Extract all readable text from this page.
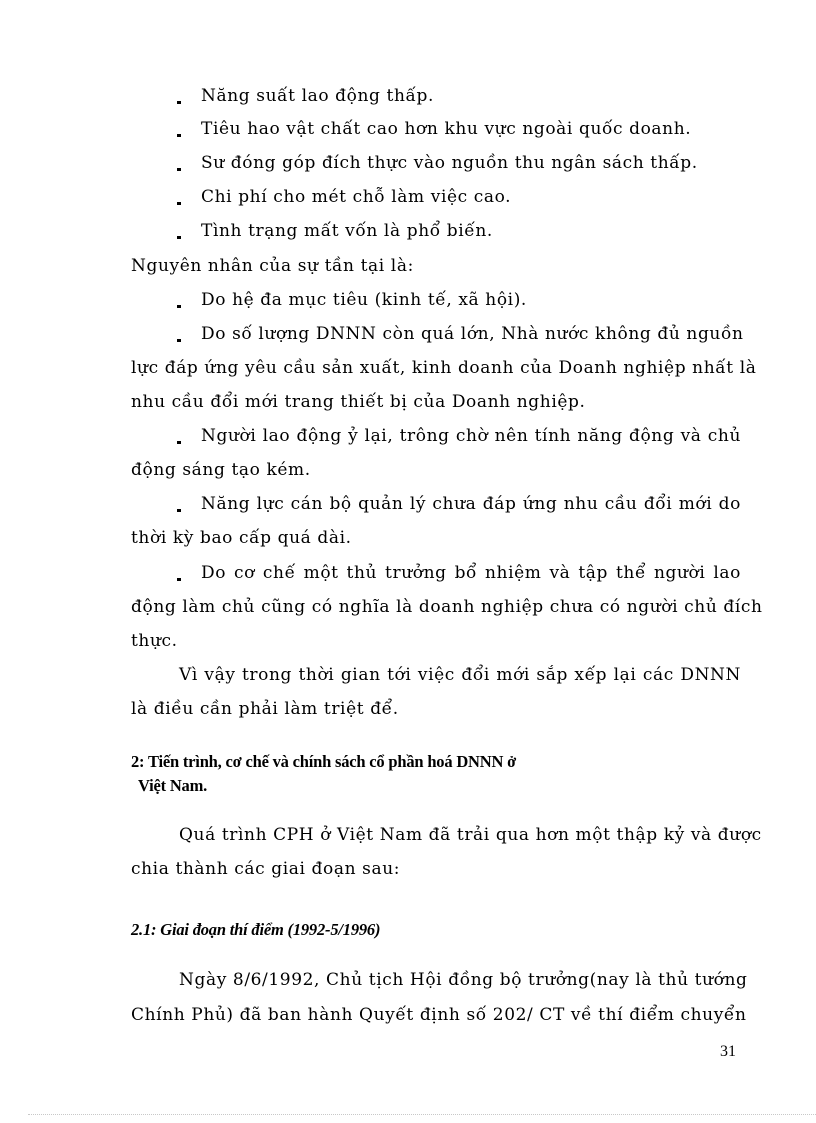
Năng suất lao động thấp.
Tiêu hao vật chất cao hơn khu vực ngoài quốc doanh.
Sư đóng góp đích thực vào nguồn thu ngân sách thấp.
Chi phí cho mét chỗ làm việc cao.
Tình trạng mất vốn là phổ biến.
Nguyên nhân của sự tần tại là:
Do hệ đa mục tiêu (kinh tế, xã hội).
Do số lượng DNNN còn quá lớn, Nhà nước không đủ nguồn
lực đáp ứng yêu cầu sản xuất, kinh doanh của Doanh nghiệp nhất là
nhu cầu đổi mới trang thiết bị của Doanh nghiệp.
Người lao động ỷ lại, trông chờ nên tính năng động và chủ
động sáng tạo kém.
Năng lực cán bộ quản lý chưa đáp ứng nhu cầu đổi mới do
thời kỳ bao cấp quá dài.
Do cơ chế một thủ trưởng bổ nhiệm và tập thể người lao
động làm chủ cũng có nghĩa là doanh nghiệp chưa có người chủ đích
thực.
Vì vậy trong thời gian tới việc đổi mới sắp xếp lại các DNNN
là điều cần phải làm triệt để.
2: Tiến trình, cơ chế và chính sách cổ phần hoá DNNN ở
Việt Nam.
Quá trình CPH ở Việt Nam đã trải qua hơn một thập kỷ và được
chia thành các giai đoạn sau:
2.1: Giai đoạn thí điểm (1992-5/1996)
Ngày 8/6/1992, Chủ tịch Hội đồng bộ trưởng(nay là thủ tướng
Chính Phủ) đã ban hành Quyết định số 202/ CT về thí điểm chuyển
31
